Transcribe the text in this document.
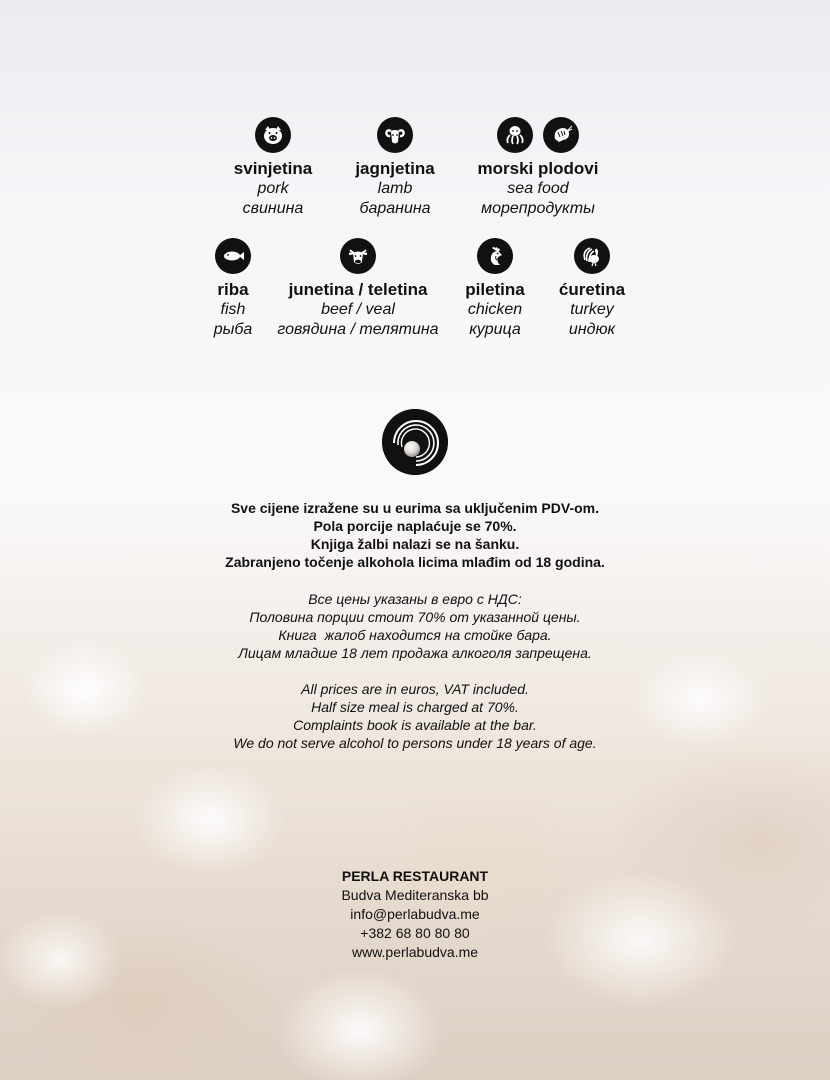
svinjetina
pork
свинина
jagnjetina
lamb
баранина
morski plodovi
sea food
морепродукты
riba
fish
рыба
junetina / teletina
beef / veal
говядина / телятина
piletina
chicken
курица
ćuretina
turkey
индюк
Sve cijene izražene su u eurima sa uključenim PDV-om.
Pola porcije naplaćuje se 70%.
Knjiga žalbi nalazi se na šanku.
Zabranjeno točenje alkohola licima mlađim od 18 godina.
Все цены указаны в евро с НДС:
Половина порции стоит 70% от указанной цены.
Книга  жалоб находится на стойке бара.
Лицам младше 18 лет продажа алкоголя запрещена.
All prices are in euros, VAT included.
Half size meal is charged at 70%.
Complaints book is available at the bar.
We do not serve alcohol to persons under 18 years of age.
PERLA RESTAURANT
Budva Mediteranska bb
info@perlabudva.me
+382 68 80 80 80
www.perlabudva.me
